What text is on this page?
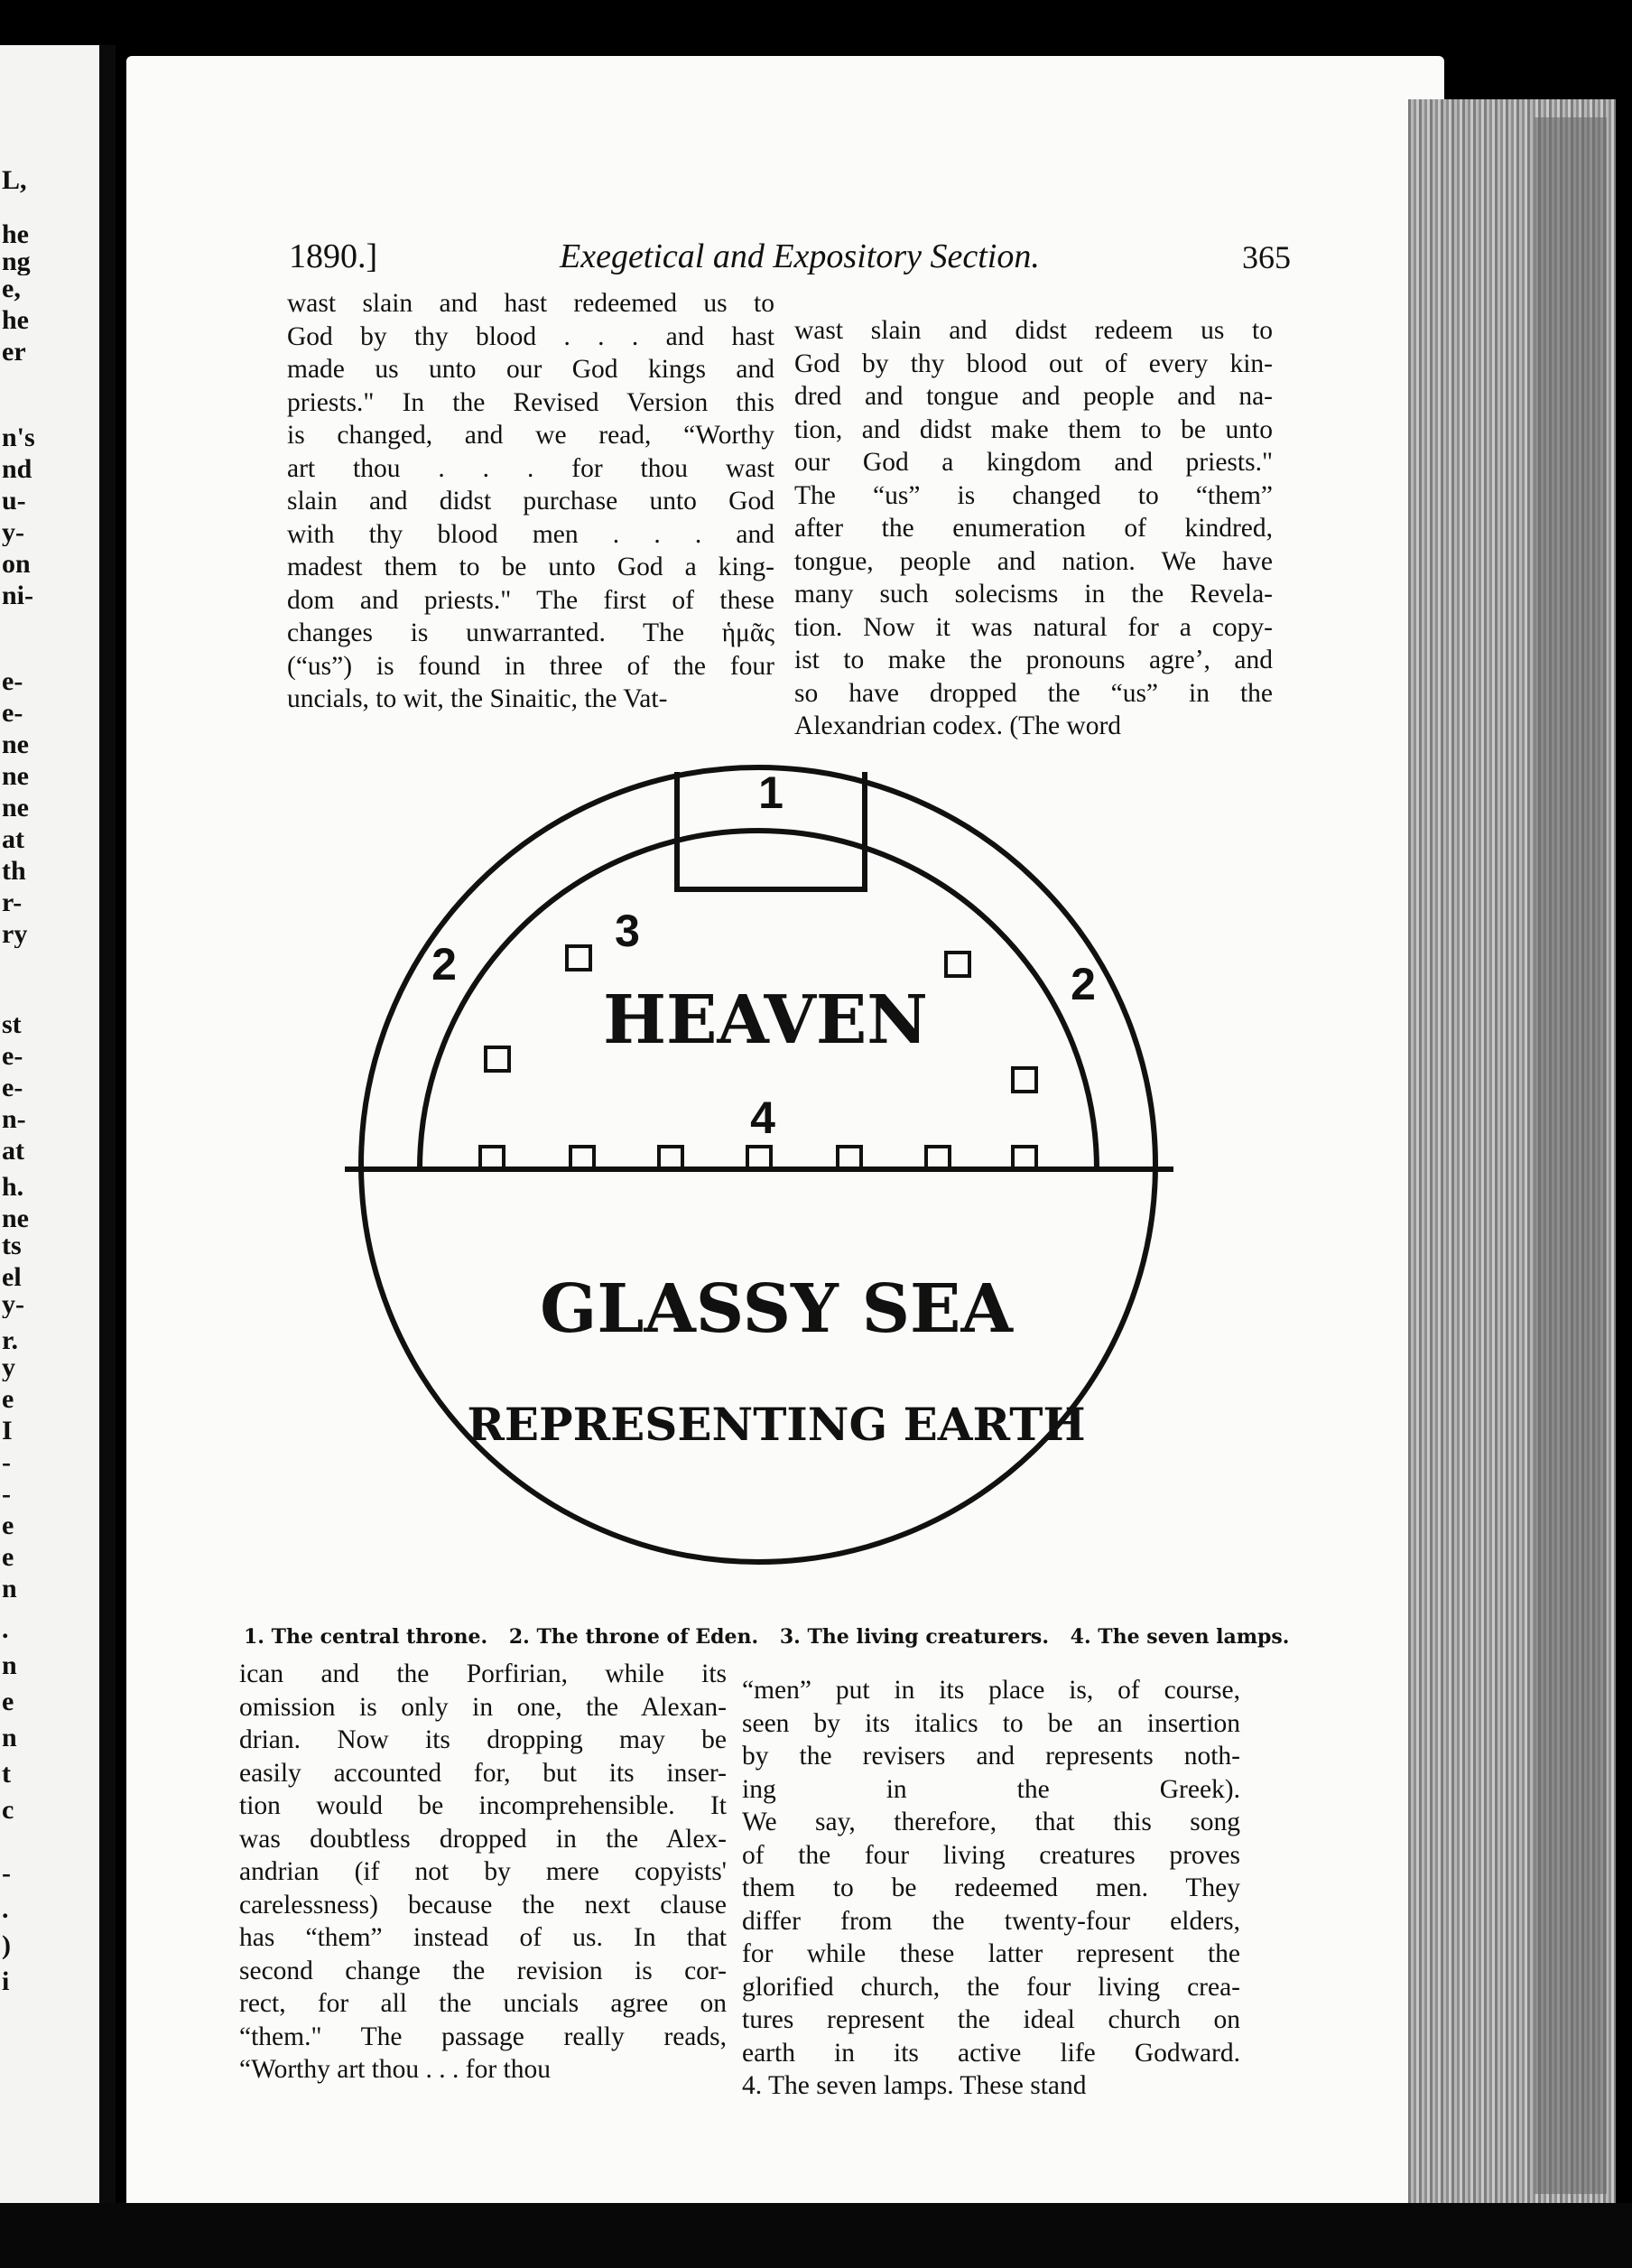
L,
he
ng
e,
he
er
n's
nd
u-
y-
on
ni-
e-
e-
ne
ne
ne
at
th
r-
ry
st
e-
e-
n-
at
h.
ne
ts
el
y-
r.
y
e
I
-
-
e
e
n
.
n
e
n
t
c
-
.
)
i
1890.]	Exegetical and Expository Section.	365
wast slain and hast redeemed us to
God by thy blood . . . and hast
made us unto our God kings and
priests." In the Revised Version this
is changed, and we read, “Worthy
art thou . . . for thou wast
slain and didst purchase unto God
with thy blood men . . . and
madest them to be unto God a king-
dom and priests." The first of these
changes is unwarranted. The ἡμᾶς
(“us”) is found in three of the four
uncials, to wit, the Sinaitic, the Vat-
wast slain and didst redeem us to
God by thy blood out of every kin-
dred and tongue and people and na-
tion, and didst make them to be unto
our God a kingdom and priests."
The “us” is changed to “them”
after the enumeration of kindred,
tongue, people and nation. We have
many such solecisms in the Revela-
tion. Now it was natural for a copy-
ist to make the pronouns agreʼ, and
so have dropped the “us” in the
Alexandrian codex. (The word
1
2	2
3
4
HEAVEN
GLASSY SEA
REPRESENTING EARTH
1. The central throne. 2. The throne of Eden. 3. The living creaturers. 4. The seven lamps.
ican and the Porfirian, while its
omission is only in one, the Alexan-
drian. Now its dropping may be
easily accounted for, but its inser-
tion would be incomprehensible. It
was doubtless dropped in the Alex-
andrian (if not by mere copyists'
carelessness) because the next clause
has “them” instead of us. In that
second change the revision is cor-
rect, for all the uncials agree on
“them." The passage really reads,
“Worthy art thou . . . for thou
“men” put in its place is, of course,
seen by its italics to be an insertion
by the revisers and represents noth-
ing in the Greek).
We say, therefore, that this song
of the four living creatures proves
them to be redeemed men. They
differ from the twenty-four elders,
for while these latter represent the
glorified church, the four living crea-
tures represent the ideal church on
earth in its active life Godward.
4. The seven lamps. These stand
